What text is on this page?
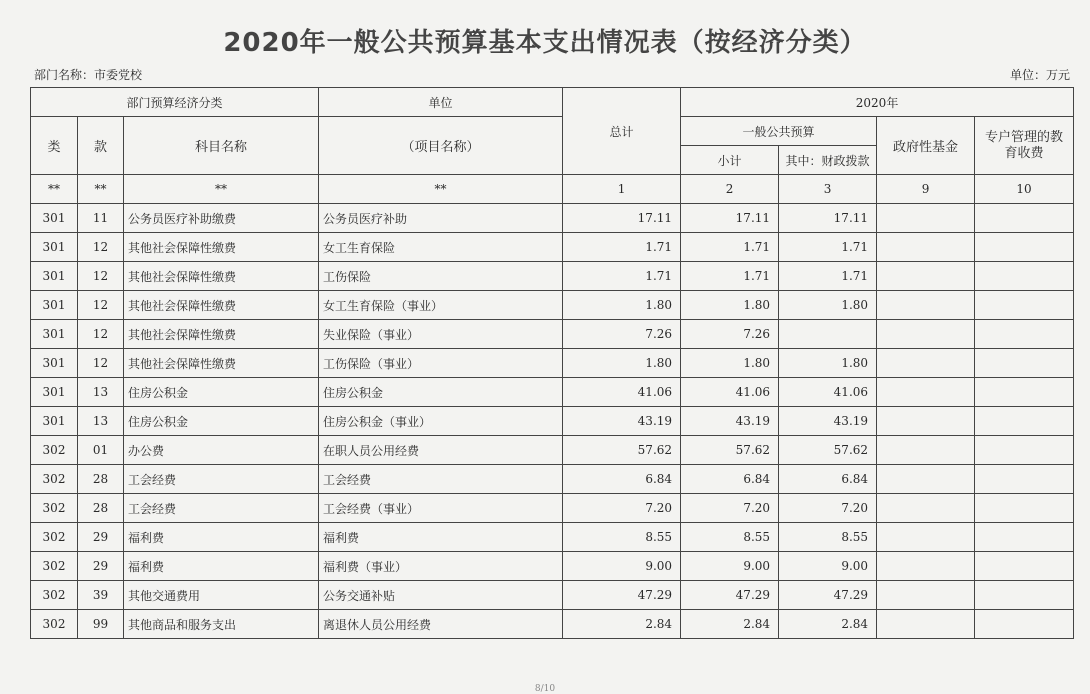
2020年一般公共预算基本支出情况表（按经济分类）
部门名称：市委党校	单位：万元
部门预算经济分类			单位	总计	2020年			
类	款	科目名称	（项目名称）		一般公共预算		政府性基金	专户管理的教育收费
					小计	其中：财政拨款		
**	**	**	**	1	2	3	9	10
301	11	公务员医疗补助缴费	公务员医疗补助	17.11	17.11	17.11		
301	12	其他社会保障性缴费	女工生育保险	1.71	1.71	1.71		
301	12	其他社会保障性缴费	工伤保险	1.71	1.71	1.71		
301	12	其他社会保障性缴费	女工生育保险（事业）	1.80	1.80	1.80		
301	12	其他社会保障性缴费	失业保险（事业）	7.26	7.26			
301	12	其他社会保障性缴费	工伤保险（事业）	1.80	1.80	1.80		
301	13	住房公积金	住房公积金	41.06	41.06	41.06		
301	13	住房公积金	住房公积金（事业）	43.19	43.19	43.19		
302	01	办公费	在职人员公用经费	57.62	57.62	57.62		
302	28	工会经费	工会经费	6.84	6.84	6.84		
302	28	工会经费	工会经费（事业）	7.20	7.20	7.20		
302	29	福利费	福利费	8.55	8.55	8.55		
302	29	福利费	福利费（事业）	9.00	9.00	9.00		
302	39	其他交通费用	公务交通补贴	47.29	47.29	47.29		
302	99	其他商品和服务支出	离退休人员公用经费	2.84	2.84	2.84		
8/10
